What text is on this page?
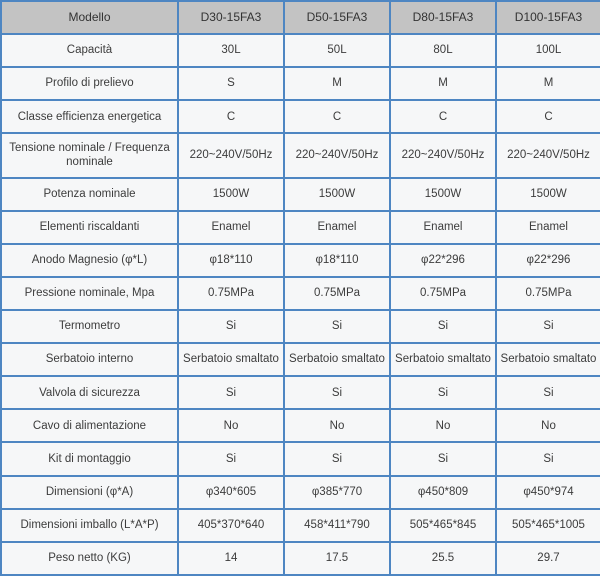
Modello	D30-15FA3	D50-15FA3	D80-15FA3	D100-15FA3
Capacità	30L	50L	80L	100L
Profilo di prelievo	S	M	M	M
Classe efficienza energetica	C	C	C	C
Tensione nominale / Frequenza nominale	220~240V/50Hz	220~240V/50Hz	220~240V/50Hz	220~240V/50Hz
Potenza nominale	1500W	1500W	1500W	1500W
Elementi riscaldanti	Enamel	Enamel	Enamel	Enamel
Anodo Magnesio (φ*L)	φ18*110	φ18*110	φ22*296	φ22*296
Pressione nominale, Mpa	0.75MPa	0.75MPa	0.75MPa	0.75MPa
Termometro	Si	Si	Si	Si
Serbatoio interno	Serbatoio smaltato	Serbatoio smaltato	Serbatoio smaltato	Serbatoio smaltato
Valvola di sicurezza	Si	Si	Si	Si
Cavo di alimentazione	No	No	No	No
Kit di montaggio	Si	Si	Si	Si
Dimensioni (φ*A)	φ340*605	φ385*770	φ450*809	φ450*974
Dimensioni imballo (L*A*P)	405*370*640	458*411*790	505*465*845	505*465*1005
Peso netto (KG)	14	17.5	25.5	29.7
